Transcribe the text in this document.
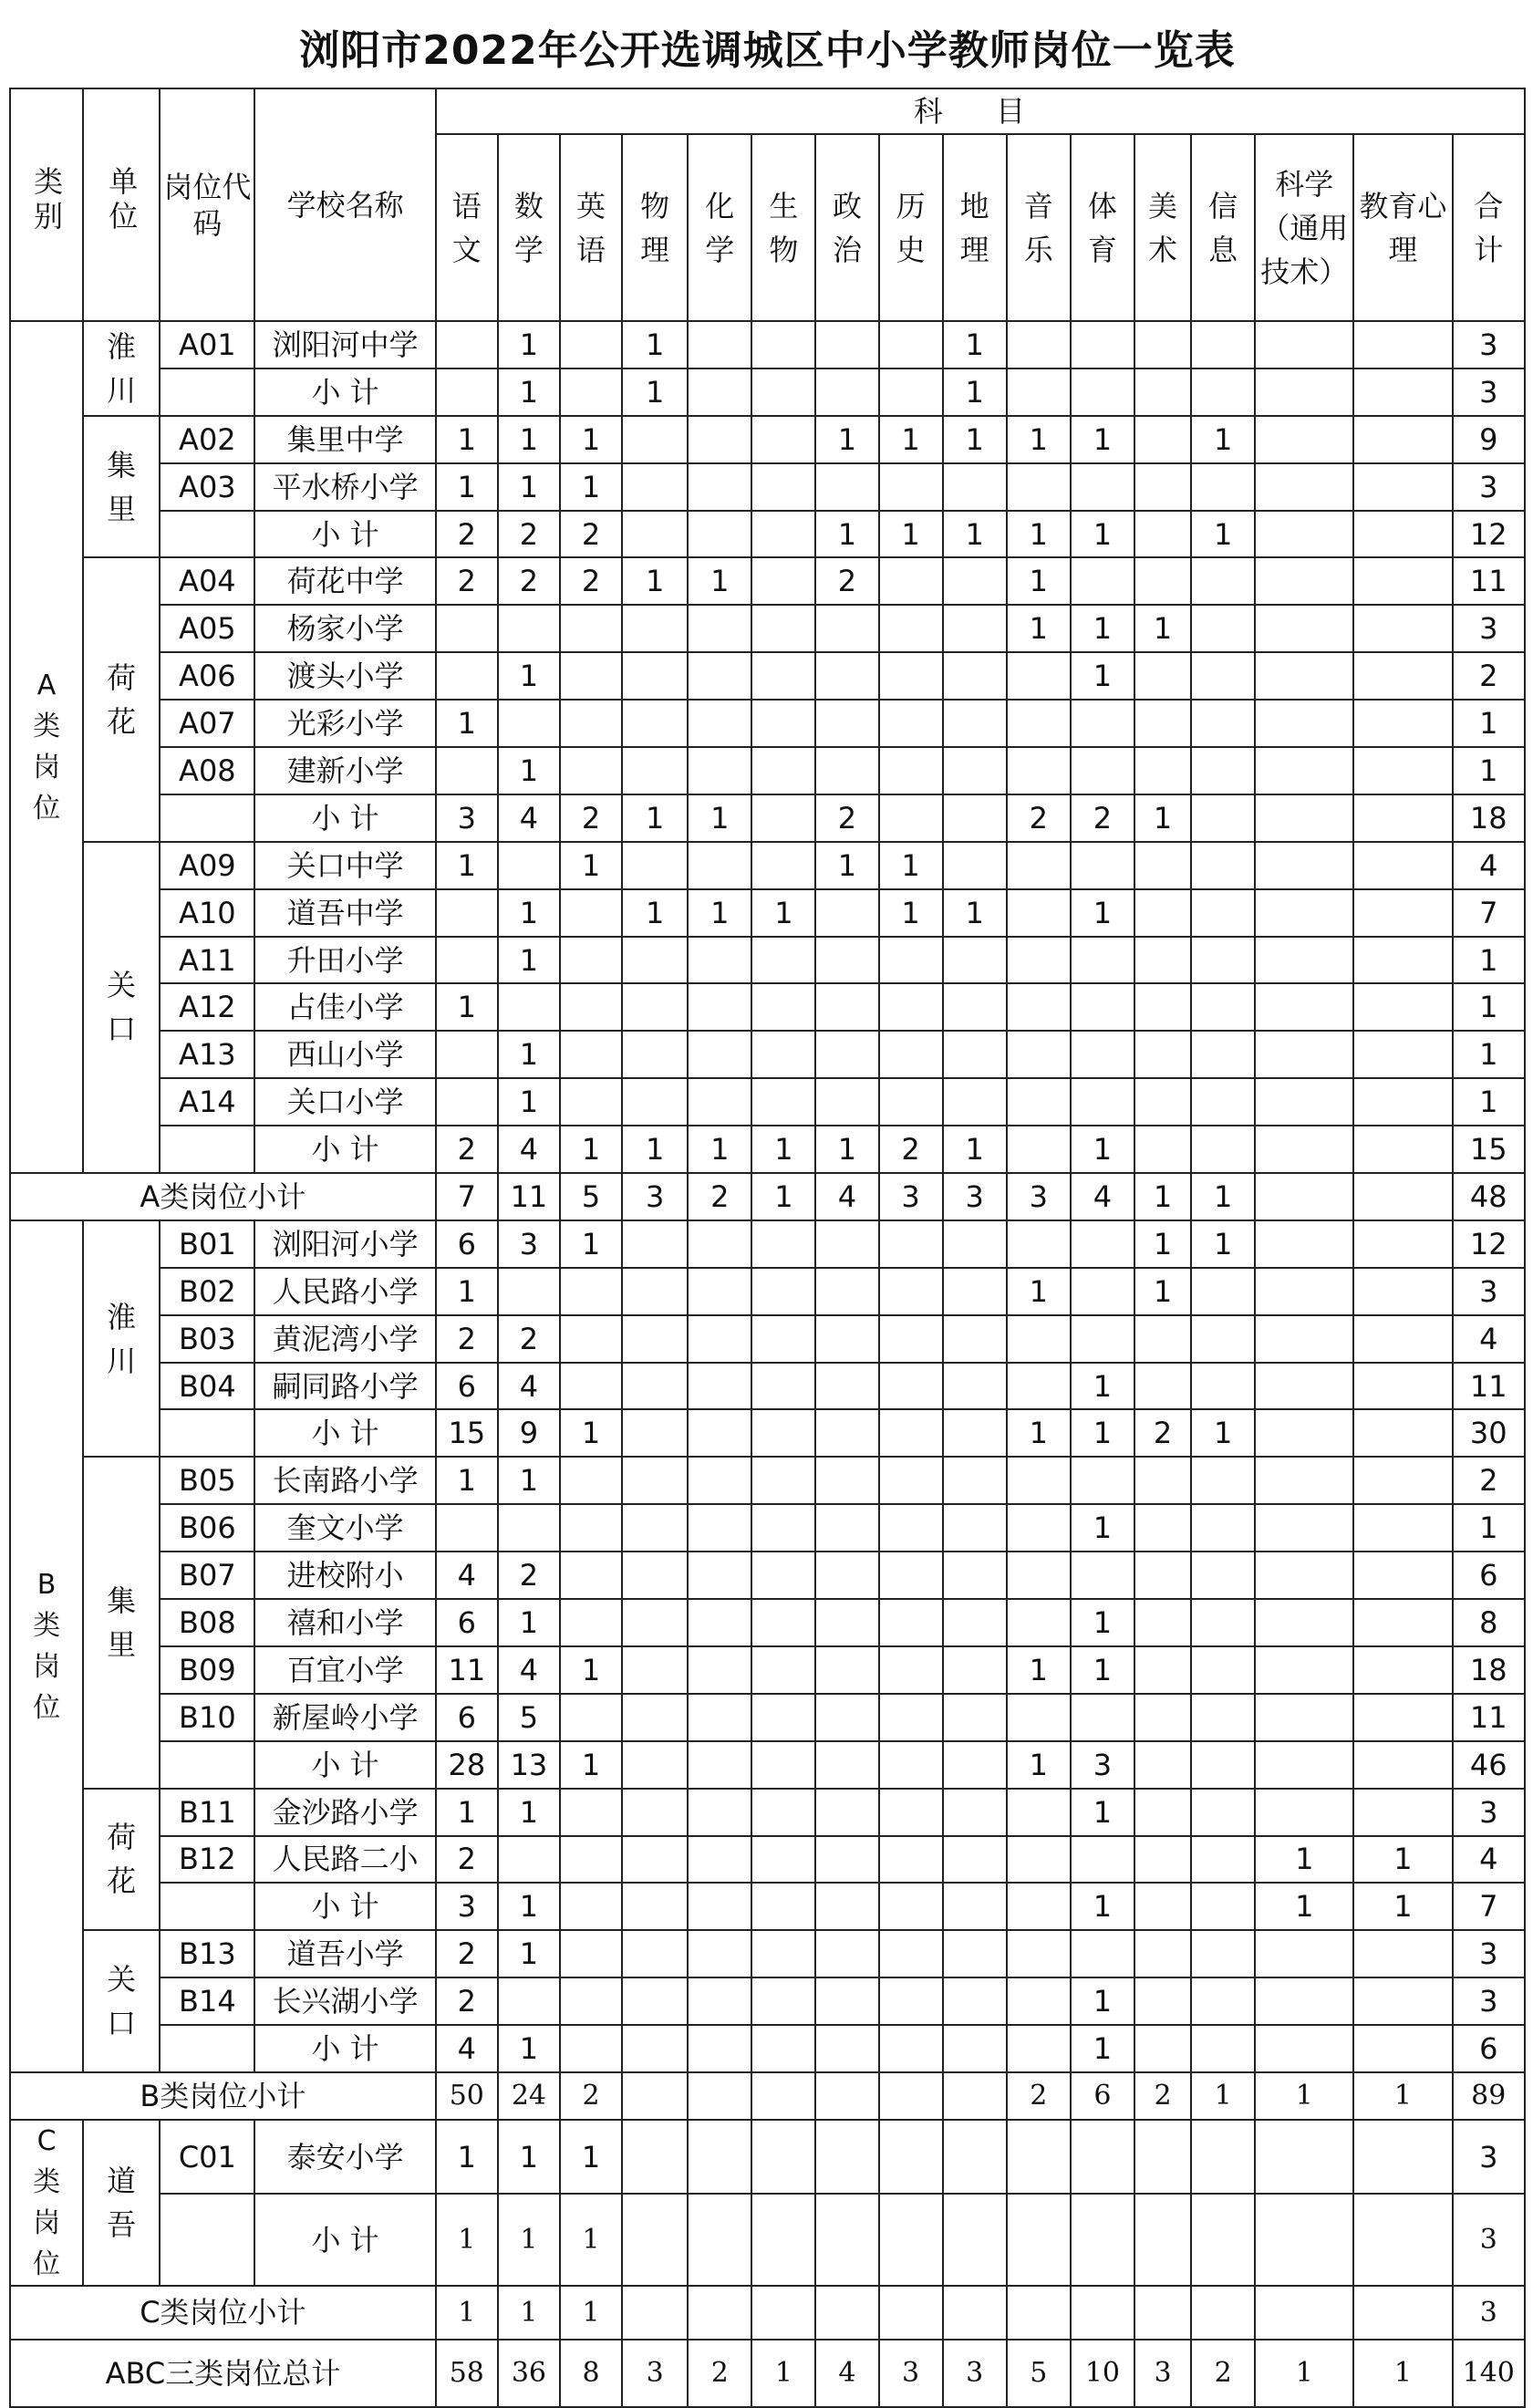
浏阳市2022年公开选调城区中小学教师岗位一览表
类别	单位	岗位代码	学校名称	科 目															
				语文	数学	英语	物理	化学	生物	政治	历史	地理	音乐	体育	美术	信息	科学（通用技术）	教育心理	合计
A类岗位	淮川	A01	浏阳河中学		1		1					1							3
			小 计		1		1					1							3
	集里	A02	集里中学	1	1	1				1	1	1	1	1		1			9
		A03	平水桥小学	1	1	1													3
			小 计	2	2	2				1	1	1	1	1		1			12
	荷花	A04	荷花中学	2	2	2	1	1		2			1						11
		A05	杨家小学										1	1	1				3
		A06	渡头小学		1									1					2
		A07	光彩小学	1															1
		A08	建新小学		1														1
			小 计	3	4	2	1	1		2			2	2	1				18
	关口	A09	关口中学	1		1				1	1								4
		A10	道吾中学		1		1	1	1		1	1		1					7
		A11	升田小学		1														1
		A12	占佳小学	1															1
		A13	西山小学		1														1
		A14	关口小学		1														1
			小 计	2	4	1	1	1	1	1	2	1		1					15
A类岗位小计				7	11	5	3	2	1	4	3	3	3	4	1	1			48
B类岗位	淮川	B01	浏阳河小学	6	3	1									1	1			12
		B02	人民路小学	1									1		1				3
		B03	黄泥湾小学	2	2														4
		B04	嗣同路小学	6	4									1					11
			小 计	15	9	1							1	1	2	1			30
	集里	B05	长南路小学	1	1														2
		B06	奎文小学											1					1
		B07	进校附小	4	2														6
		B08	禧和小学	6	1									1					8
		B09	百宜小学	11	4	1							1	1					18
		B10	新屋岭小学	6	5														11
			小 计	28	13	1							1	3					46
	荷花	B11	金沙路小学	1	1									1					3
		B12	人民路二小	2													1	1	4
			小 计	3	1									1			1	1	7
	关口	B13	道吾小学	2	1														3
		B14	长兴湖小学	2										1					3
			小 计	4	1									1					6
B类岗位小计				50	24	2							2	6	2	1	1	1	89
C类岗位	道吾	C01	泰安小学	1	1	1													3
			小 计	1	1	1													3
C类岗位小计				1	1	1													3
ABC三类岗位总计				58	36	8	3	2	1	4	3	3	5	10	3	2	1	1	140
